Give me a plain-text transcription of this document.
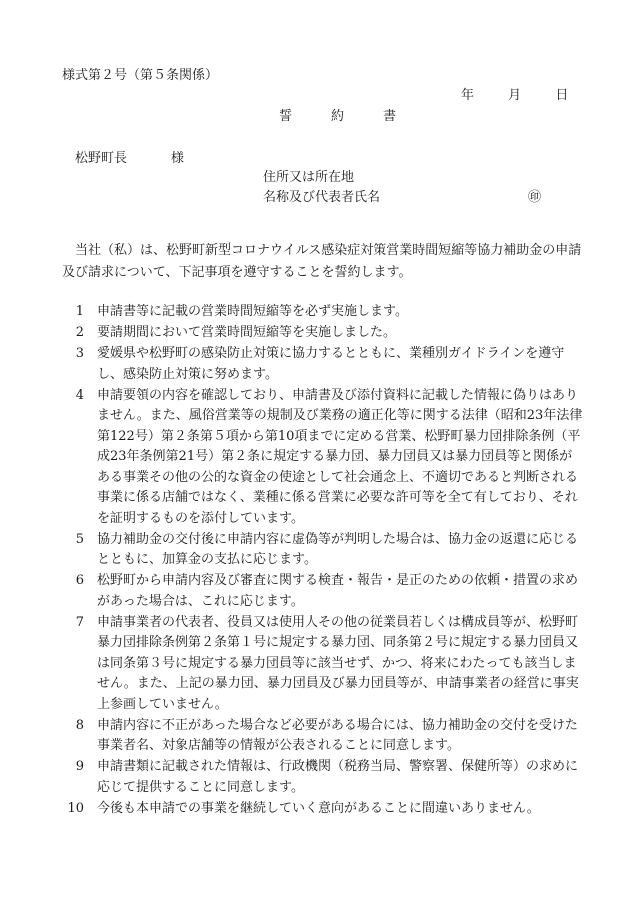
様式第２号（第５条関係）
年	月	日
誓　約　書
松野町長	様
住所又は所在地
名称及び代表者氏名	㊞
当社（私）は、松野町新型コロナウイルス感染症対策営業時間短縮等協力補助金の申請及び請求について、下記事項を遵守することを誓約します。
1	申請書等に記載の営業時間短縮等を必ず実施します。
2	要請期間において営業時間短縮等を実施しました。
3	愛媛県や松野町の感染防止対策に協力するとともに、業種別ガイドラインを遵守し、感染防止対策に努めます。
4	申請要領の内容を確認しており、申請書及び添付資料に記載した情報に偽りはありません。また、風俗営業等の規制及び業務の適正化等に関する法律（昭和23年法律第122号）第２条第５項から第10項までに定める営業、松野町暴力団排除条例（平成23年条例第21号）第２条に規定する暴力団、暴力団員又は暴力団員等と関係がある事業その他の公的な資金の使途として社会通念上、不適切であると判断される事業に係る店舗ではなく、業種に係る営業に必要な許可等を全て有しており、それを証明するものを添付しています。
5	協力補助金の交付後に申請内容に虚偽等が判明した場合は、協力金の返還に応じるとともに、加算金の支払に応じます。
6	松野町から申請内容及び審査に関する検査・報告・是正のための依頼・措置の求めがあった場合は、これに応じます。
7	申請事業者の代表者、役員又は使用人その他の従業員若しくは構成員等が、松野町暴力団排除条例第２条第１号に規定する暴力団、同条第２号に規定する暴力団員又は同条第３号に規定する暴力団員等に該当せず、かつ、将来にわたっても該当しません。また、上記の暴力団、暴力団員及び暴力団員等が、申請事業者の経営に事実上参画していません。
8	申請内容に不正があった場合など必要がある場合には、協力補助金の交付を受けた事業者名、対象店舗等の情報が公表されることに同意します。
9	申請書類に記載された情報は、行政機関（税務当局、警察署、保健所等）の求めに応じて提供することに同意します。
10	今後も本申請での事業を継続していく意向があることに間違いありません。
